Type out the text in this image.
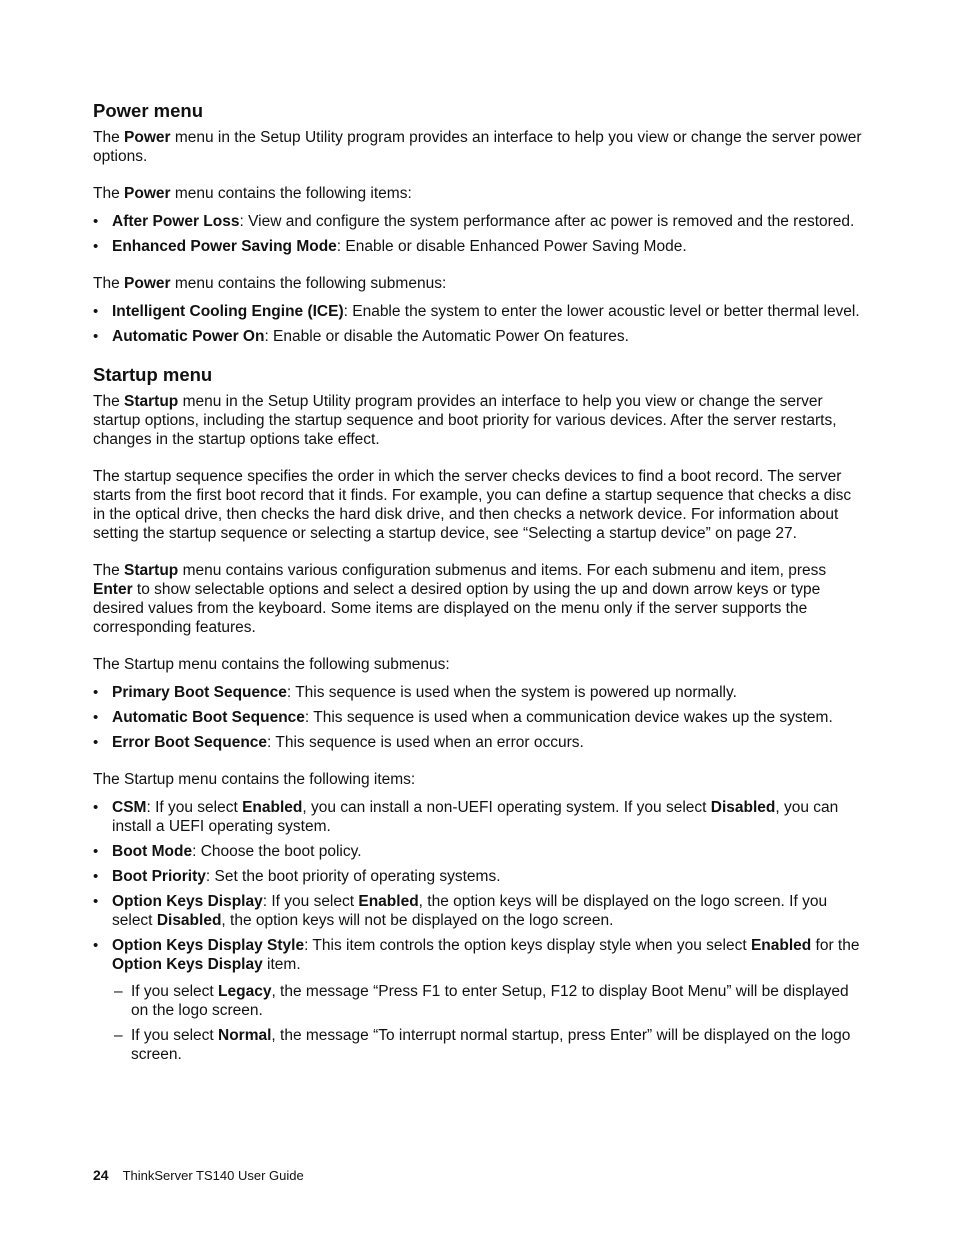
Power menu

The Power menu in the Setup Utility program provides an interface to help you view or change the server power options.

The Power menu contains the following items:

• After Power Loss: View and configure the system performance after ac power is removed and the restored.
• Enhanced Power Saving Mode: Enable or disable Enhanced Power Saving Mode.

The Power menu contains the following submenus:

• Intelligent Cooling Engine (ICE): Enable the system to enter the lower acoustic level or better thermal level.
• Automatic Power On: Enable or disable the Automatic Power On features.
Startup menu

The Startup menu in the Setup Utility program provides an interface to help you view or change the server startup options, including the startup sequence and boot priority for various devices. After the server restarts, changes in the startup options take effect.

The startup sequence specifies the order in which the server checks devices to find a boot record. The server starts from the first boot record that it finds. For example, you can define a startup sequence that checks a disc in the optical drive, then checks the hard disk drive, and then checks a network device. For information about setting the startup sequence or selecting a startup device, see “Selecting a startup device” on page 27.

The Startup menu contains various configuration submenus and items. For each submenu and item, press Enter to show selectable options and select a desired option by using the up and down arrow keys or type desired values from the keyboard. Some items are displayed on the menu only if the server supports the corresponding features.

The Startup menu contains the following submenus:

• Primary Boot Sequence: This sequence is used when the system is powered up normally.
• Automatic Boot Sequence: This sequence is used when a communication device wakes up the system.
• Error Boot Sequence: This sequence is used when an error occurs.

The Startup menu contains the following items:

• CSM: If you select Enabled, you can install a non-UEFI operating system. If you select Disabled, you can install a UEFI operating system.
• Boot Mode: Choose the boot policy.
• Boot Priority: Set the boot priority of operating systems.
• Option Keys Display: If you select Enabled, the option keys will be displayed on the logo screen. If you select Disabled, the option keys will not be displayed on the logo screen.
• Option Keys Display Style: This item controls the option keys display style when you select Enabled for the Option Keys Display item.
– If you select Legacy, the message “Press F1 to enter Setup, F12 to display Boot Menu” will be displayed on the logo screen.
– If you select Normal, the message “To interrupt normal startup, press Enter” will be displayed on the logo screen.
24 ThinkServer TS140 User Guide
